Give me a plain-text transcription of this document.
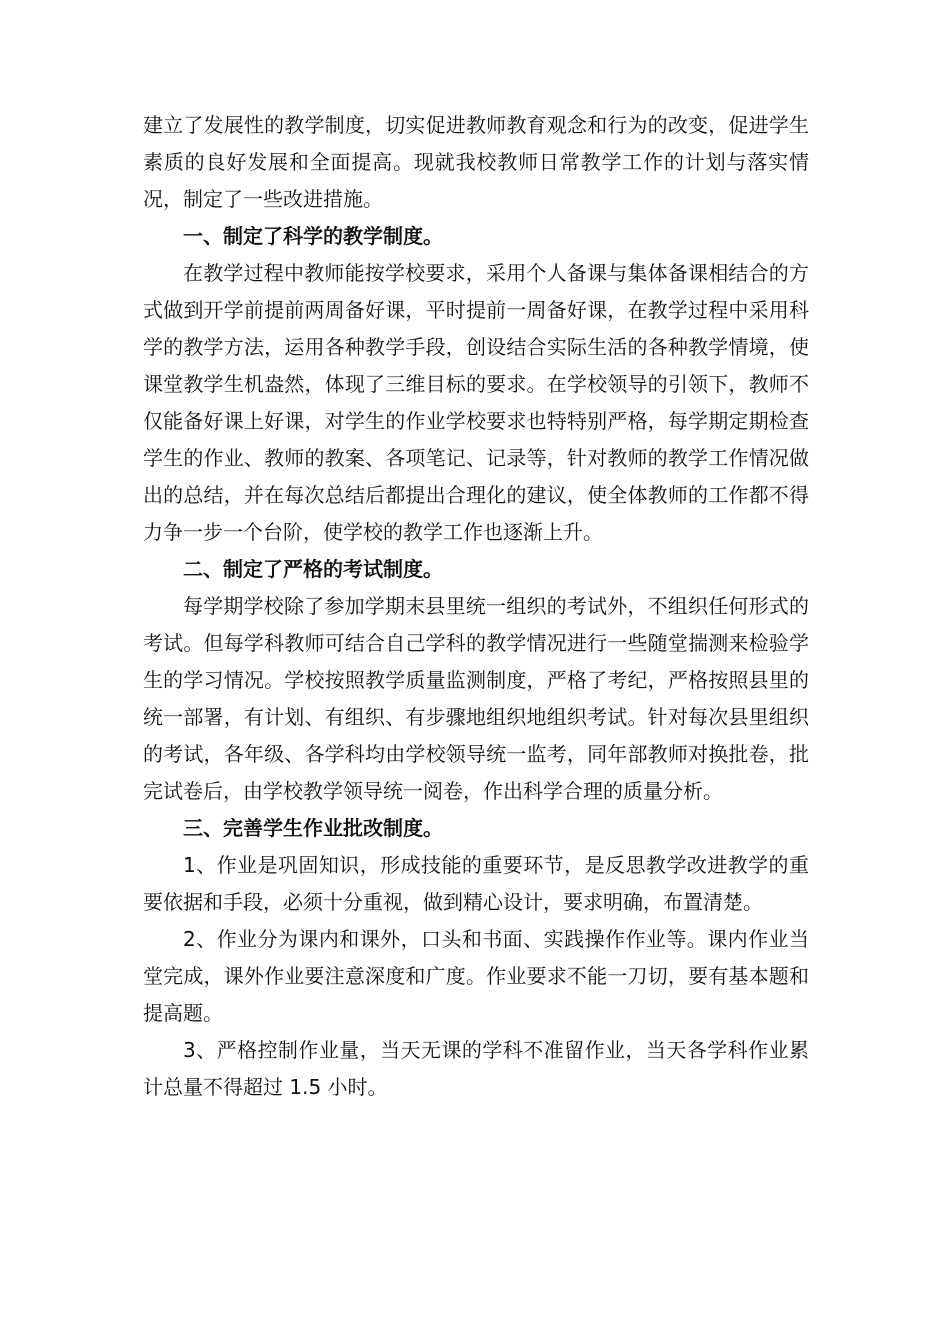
建立了发展性的教学制度，切实促进教师教育观念和行为的改变，促进学生素质的良好发展和全面提高。现就我校教师日常教学工作的计划与落实情况，制定了一些改进措施。

一、制定了科学的教学制度。

在教学过程中教师能按学校要求，采用个人备课与集体备课相结合的方式做到开学前提前两周备好课，平时提前一周备好课，在教学过程中采用科学的教学方法，运用各种教学手段，创设结合实际生活的各种教学情境，使课堂教学生机盎然，体现了三维目标的要求。在学校领导的引领下，教师不仅能备好课上好课，对学生的作业学校要求也特特别严格，每学期定期检查学生的作业、教师的教案、各项笔记、记录等，针对教师的教学工作情况做出的总结，并在每次总结后都提出合理化的建议，使全体教师的工作都不得力争一步一个台阶，使学校的教学工作也逐渐上升。

二、制定了严格的考试制度。

每学期学校除了参加学期末县里统一组织的考试外，不组织任何形式的考试。但每学科教师可结合自己学科的教学情况进行一些随堂揣测来检验学生的学习情况。学校按照教学质量监测制度，严格了考纪，严格按照县里的统一部署，有计划、有组织、有步骤地组织地组织考试。针对每次县里组织的考试，各年级、各学科均由学校领导统一监考，同年部教师对换批卷，批完试卷后，由学校教学领导统一阅卷，作出科学合理的质量分析。

三、完善学生作业批改制度。

1、作业是巩固知识，形成技能的重要环节，是反思教学改进教学的重要依据和手段，必须十分重视，做到精心设计，要求明确，布置清楚。

2、作业分为课内和课外，口头和书面、实践操作作业等。课内作业当堂完成，课外作业要注意深度和广度。作业要求不能一刀切，要有基本题和提高题。

3、严格控制作业量，当天无课的学科不准留作业，当天各学科作业累计总量不得超过 1.5 小时。
